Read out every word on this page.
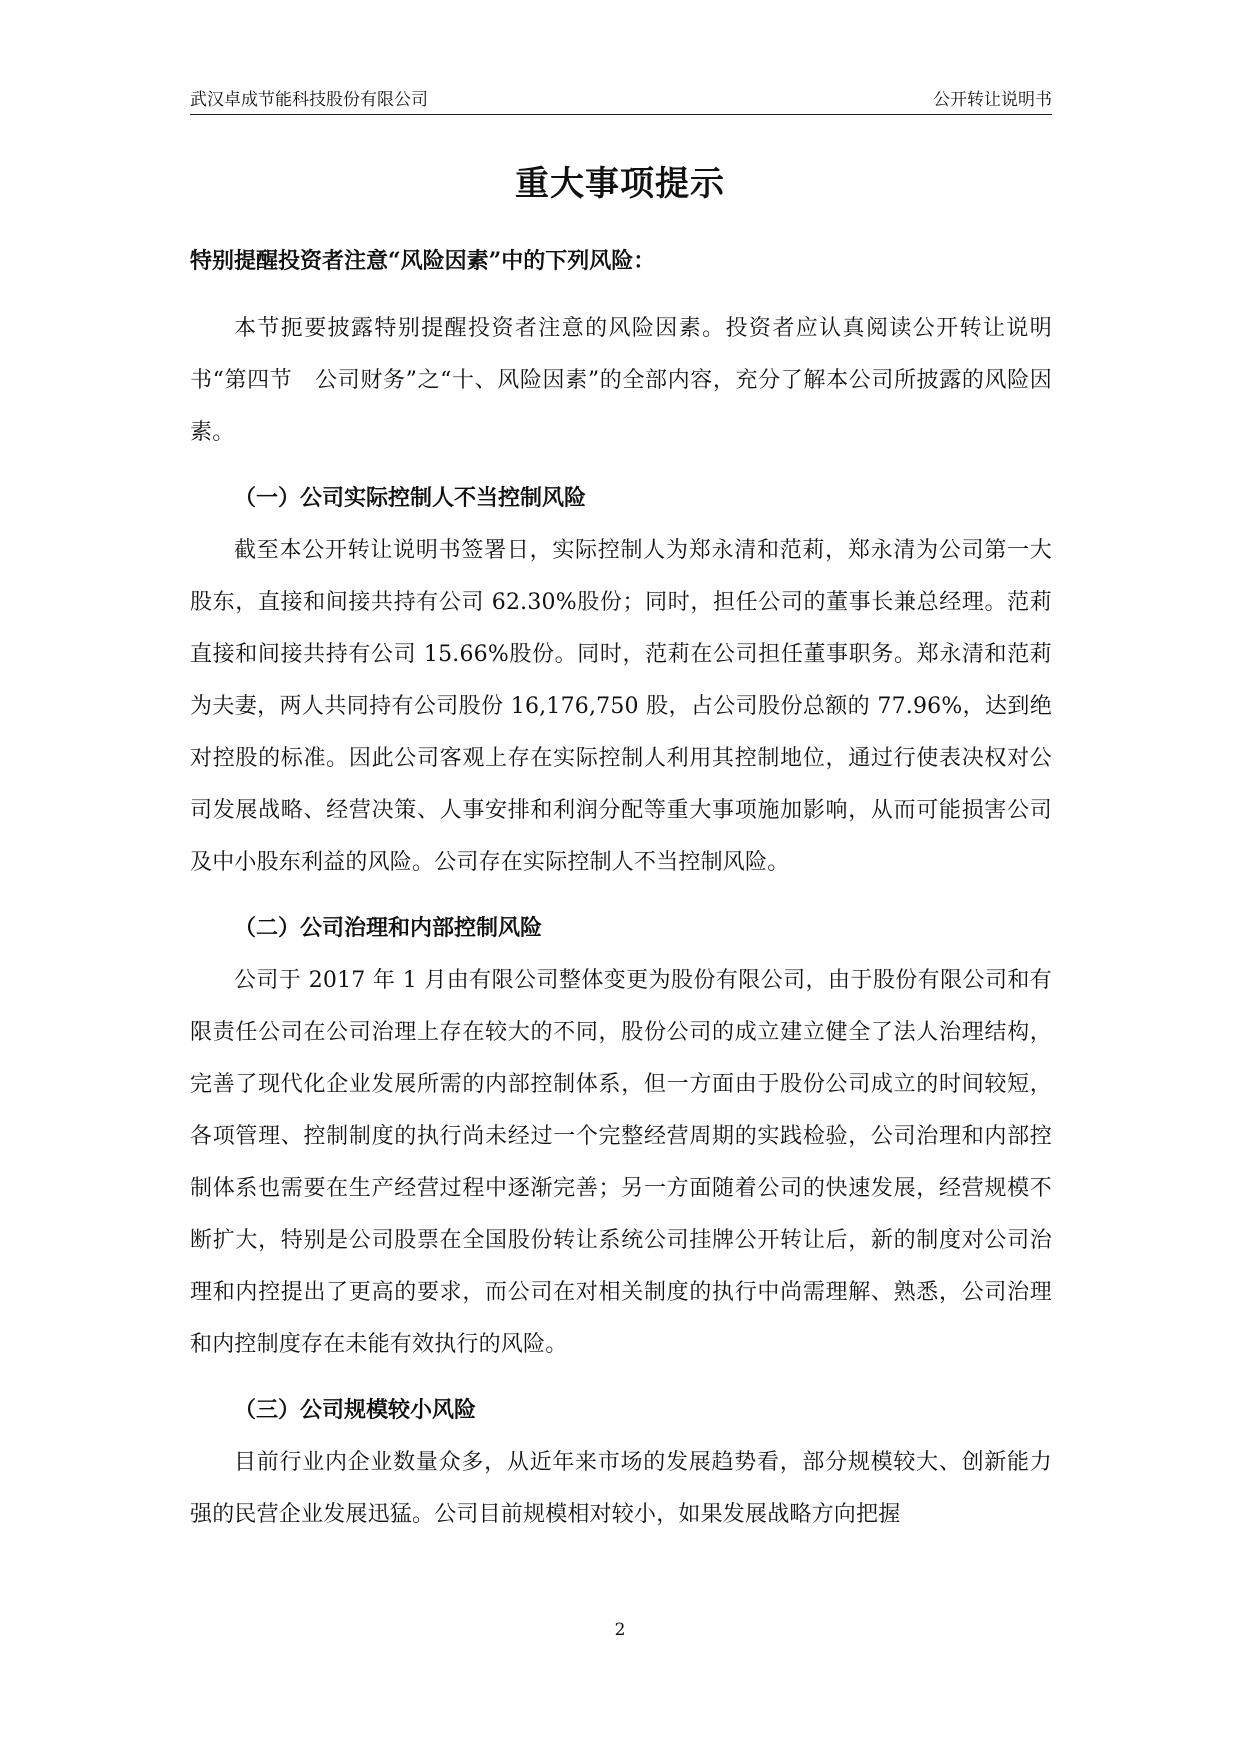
武汉卓成节能科技股份有限公司	公开转让说明书
重大事项提示
特别提醒投资者注意“风险因素”中的下列风险：

本节扼要披露特别提醒投资者注意的风险因素。投资者应认真阅读公开转让说明书“第四节　公司财务”之“十、风险因素”的全部内容，充分了解本公司所披露的风险因素。

（一）公司实际控制人不当控制风险

截至本公开转让说明书签署日，实际控制人为郑永清和范莉，郑永清为公司第一大股东，直接和间接共持有公司 62.30%股份；同时，担任公司的董事长兼总经理。范莉直接和间接共持有公司 15.66%股份。同时，范莉在公司担任董事职务。郑永清和范莉为夫妻，两人共同持有公司股份 16,176,750 股，占公司股份总额的 77.96%，达到绝对控股的标准。因此公司客观上存在实际控制人利用其控制地位，通过行使表决权对公司发展战略、经营决策、人事安排和利润分配等重大事项施加影响，从而可能损害公司及中小股东利益的风险。公司存在实际控制人不当控制风险。

（二）公司治理和内部控制风险

公司于 2017 年 1 月由有限公司整体变更为股份有限公司，由于股份有限公司和有限责任公司在公司治理上存在较大的不同，股份公司的成立建立健全了法人治理结构，完善了现代化企业发展所需的内部控制体系，但一方面由于股份公司成立的时间较短，各项管理、控制制度的执行尚未经过一个完整经营周期的实践检验，公司治理和内部控制体系也需要在生产经营过程中逐渐完善；另一方面随着公司的快速发展，经营规模不断扩大，特别是公司股票在全国股份转让系统公司挂牌公开转让后，新的制度对公司治理和内控提出了更高的要求，而公司在对相关制度的执行中尚需理解、熟悉，公司治理和内控制度存在未能有效执行的风险。

（三）公司规模较小风险

目前行业内企业数量众多，从近年来市场的发展趋势看，部分规模较大、创新能力强的民营企业发展迅猛。公司目前规模相对较小，如果发展战略方向把握

2
